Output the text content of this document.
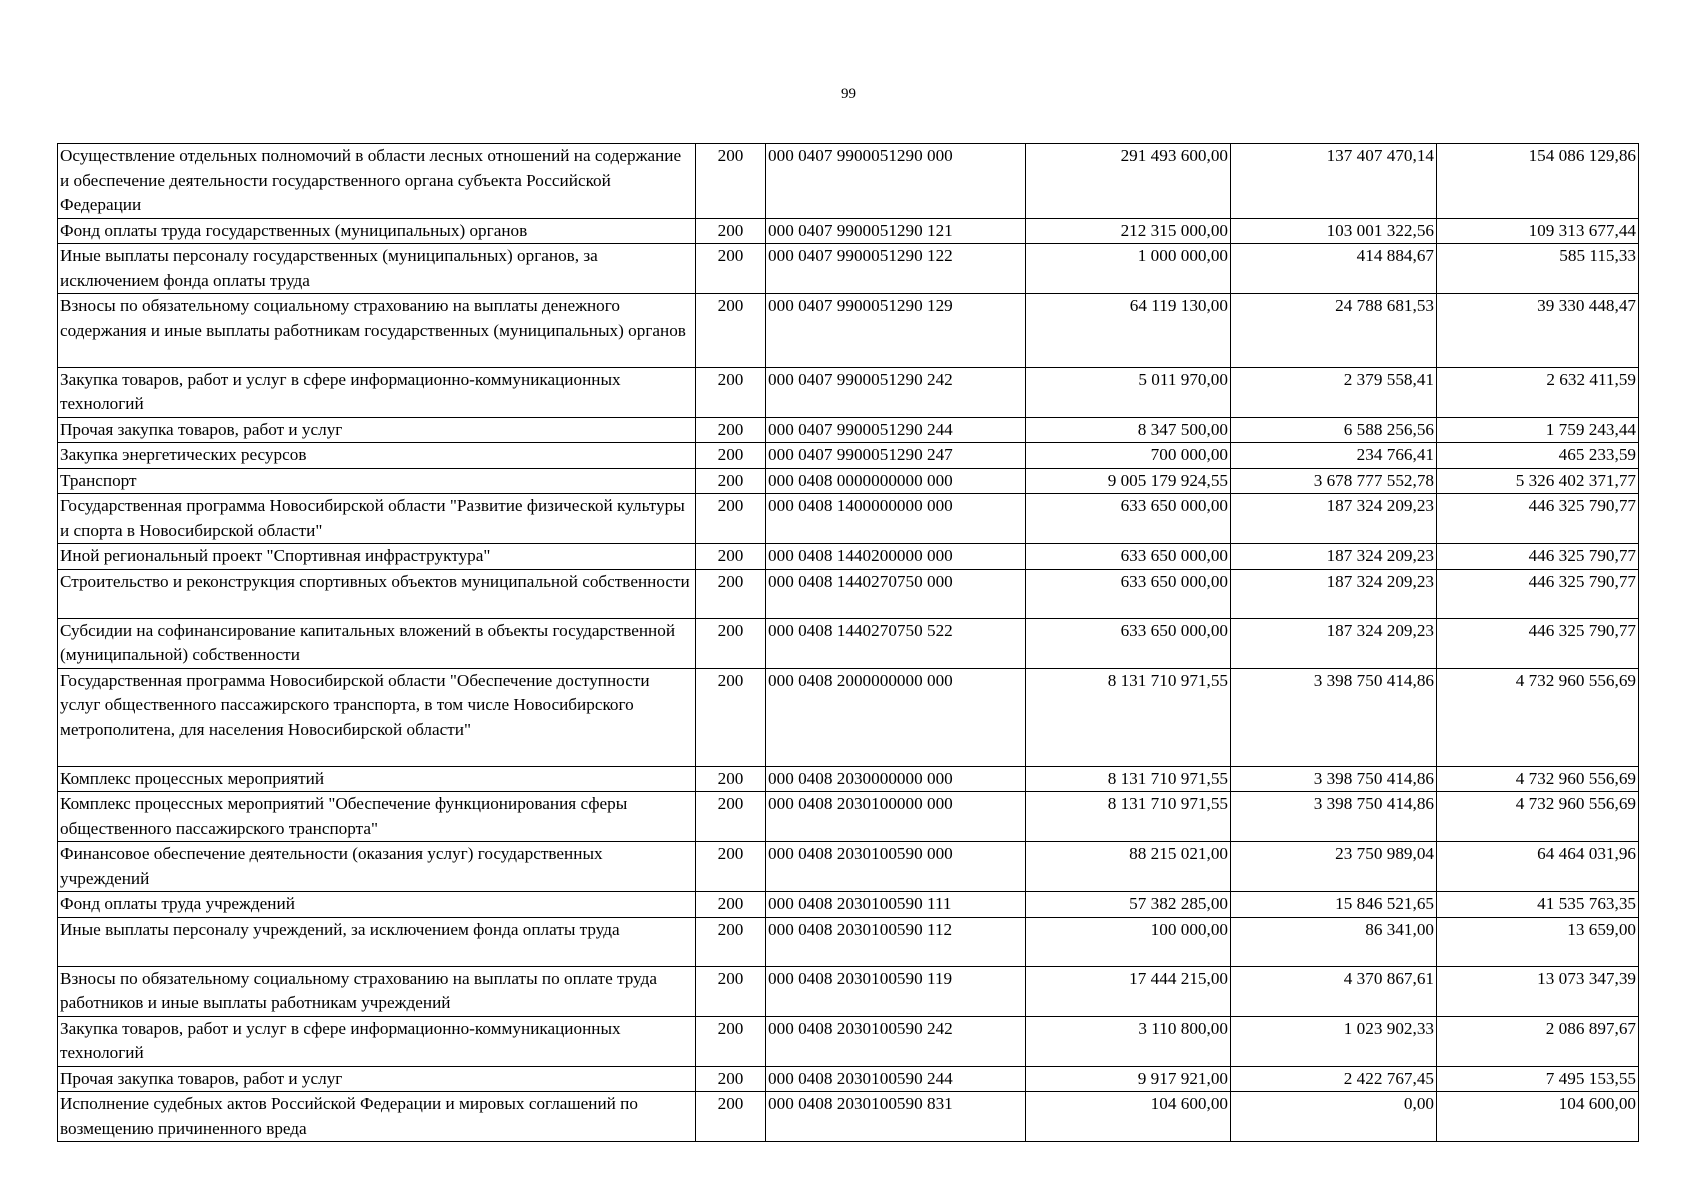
99
Осуществление отдельных полномочий в области лесных отношений на содержание и обеспечение деятельности государственного органа субъекта Российской Федерации	200	000 0407 9900051290 000	291 493 600,00	137 407 470,14	154 086 129,86
Фонд оплаты труда государственных (муниципальных) органов	200	000 0407 9900051290 121	212 315 000,00	103 001 322,56	109 313 677,44
Иные выплаты персоналу государственных (муниципальных) органов, за исключением фонда оплаты труда	200	000 0407 9900051290 122	1 000 000,00	414 884,67	585 115,33
Взносы по обязательному социальному страхованию на выплаты денежного содержания и иные выплаты работникам государственных (муниципальных) органов	200	000 0407 9900051290 129	64 119 130,00	24 788 681,53	39 330 448,47
Закупка товаров, работ и услуг в сфере информационно-коммуникационных технологий	200	000 0407 9900051290 242	5 011 970,00	2 379 558,41	2 632 411,59
Прочая закупка товаров, работ и услуг	200	000 0407 9900051290 244	8 347 500,00	6 588 256,56	1 759 243,44
Закупка энергетических ресурсов	200	000 0407 9900051290 247	700 000,00	234 766,41	465 233,59
Транспорт	200	000 0408 0000000000 000	9 005 179 924,55	3 678 777 552,78	5 326 402 371,77
Государственная программа Новосибирской области "Развитие физической культуры и спорта в Новосибирской области"	200	000 0408 1400000000 000	633 650 000,00	187 324 209,23	446 325 790,77
Иной региональный проект "Спортивная инфраструктура"	200	000 0408 1440200000 000	633 650 000,00	187 324 209,23	446 325 790,77
Строительство и реконструкция спортивных объектов муниципальной собственности	200	000 0408 1440270750 000	633 650 000,00	187 324 209,23	446 325 790,77
Субсидии на софинансирование капитальных вложений в объекты государственной (муниципальной) собственности	200	000 0408 1440270750 522	633 650 000,00	187 324 209,23	446 325 790,77
Государственная программа Новосибирской области "Обеспечение доступности услуг общественного пассажирского транспорта, в том числе Новосибирского метрополитена, для населения Новосибирской области"	200	000 0408 2000000000 000	8 131 710 971,55	3 398 750 414,86	4 732 960 556,69
Комплекс процессных мероприятий	200	000 0408 2030000000 000	8 131 710 971,55	3 398 750 414,86	4 732 960 556,69
Комплекс процессных мероприятий "Обеспечение функционирования сферы общественного пассажирского транспорта"	200	000 0408 2030100000 000	8 131 710 971,55	3 398 750 414,86	4 732 960 556,69
Финансовое обеспечение деятельности (оказания услуг) государственных учреждений	200	000 0408 2030100590 000	88 215 021,00	23 750 989,04	64 464 031,96
Фонд оплаты труда учреждений	200	000 0408 2030100590 111	57 382 285,00	15 846 521,65	41 535 763,35
Иные выплаты персоналу учреждений, за исключением фонда оплаты труда	200	000 0408 2030100590 112	100 000,00	86 341,00	13 659,00
Взносы по обязательному социальному страхованию на выплаты по оплате труда работников и иные выплаты работникам учреждений	200	000 0408 2030100590 119	17 444 215,00	4 370 867,61	13 073 347,39
Закупка товаров, работ и услуг в сфере информационно-коммуникационных технологий	200	000 0408 2030100590 242	3 110 800,00	1 023 902,33	2 086 897,67
Прочая закупка товаров, работ и услуг	200	000 0408 2030100590 244	9 917 921,00	2 422 767,45	7 495 153,55
Исполнение судебных актов Российской Федерации и мировых соглашений по возмещению причиненного вреда	200	000 0408 2030100590 831	104 600,00	0,00	104 600,00
